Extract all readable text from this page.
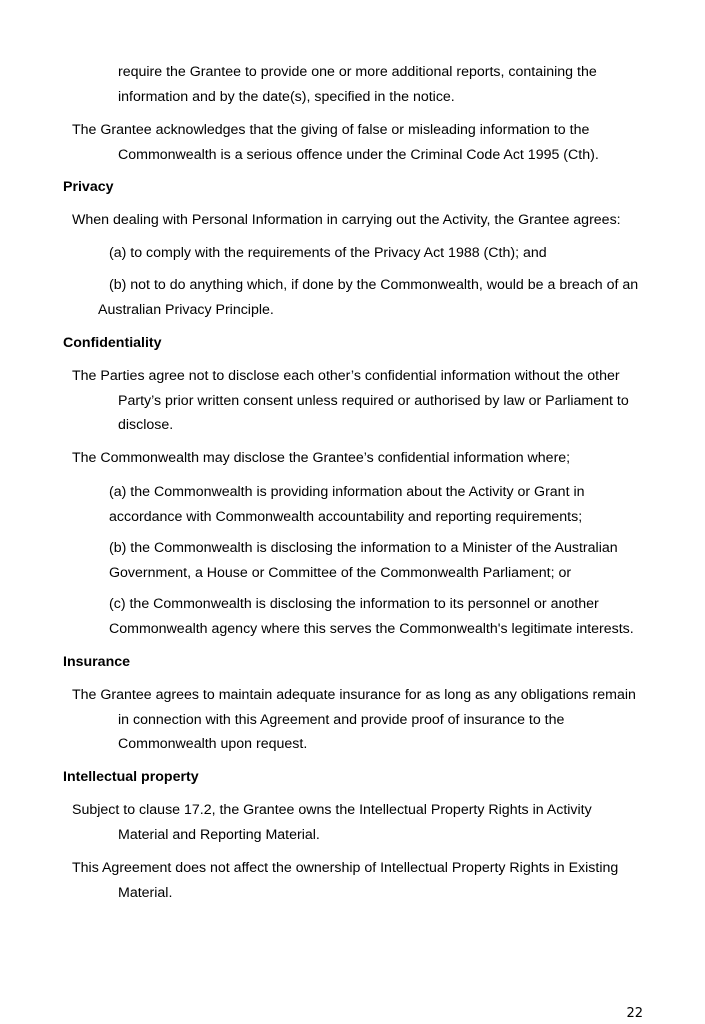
require the Grantee to provide one or more additional reports, containing the
information and by the date(s), specified in the notice.

The Grantee acknowledges that the giving of false or misleading information to the
Commonwealth is a serious offence under the Criminal Code Act 1995 (Cth).

Privacy

When dealing with Personal Information in carrying out the Activity, the Grantee agrees:

(a) to comply with the requirements of the Privacy Act 1988 (Cth); and

(b) not to do anything which, if done by the Commonwealth, would be a breach of an
Australian Privacy Principle.

Confidentiality

The Parties agree not to disclose each other’s confidential information without the other
Party’s prior written consent unless required or authorised by law or Parliament to
disclose.

The Commonwealth may disclose the Grantee’s confidential information where;

(a) the Commonwealth is providing information about the Activity or Grant in
accordance with Commonwealth accountability and reporting requirements;

(b) the Commonwealth is disclosing the information to a Minister of the Australian
Government, a House or Committee of the Commonwealth Parliament; or

(c) the Commonwealth is disclosing the information to its personnel or another
Commonwealth agency where this serves the Commonwealth's legitimate interests.

Insurance

The Grantee agrees to maintain adequate insurance for as long as any obligations remain
in connection with this Agreement and provide proof of insurance to the
Commonwealth upon request.

Intellectual property

Subject to clause 17.2, the Grantee owns the Intellectual Property Rights in Activity
Material and Reporting Material.

This Agreement does not affect the ownership of Intellectual Property Rights in Existing
Material.

22
